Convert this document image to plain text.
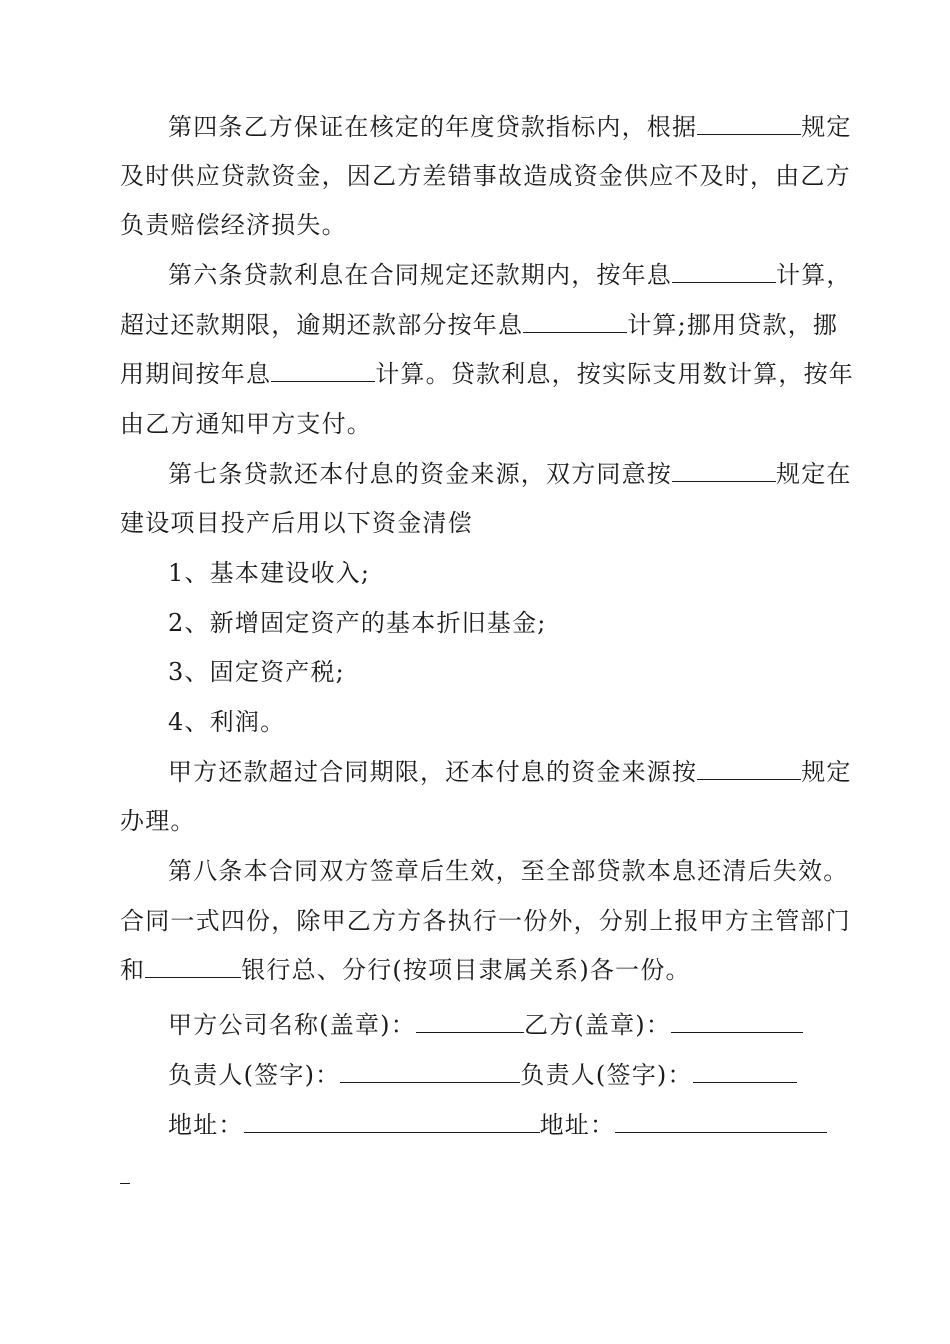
第四条乙方保证在核定的年度贷款指标内，根据	规定
及时供应贷款资金，因乙方差错事故造成资金供应不及时，由乙方
负责赔偿经济损失。
第六条贷款利息在合同规定还款期内，按年息	计算，
超过还款期限，逾期还款部分按年息	计算;挪用贷款，挪
用期间按年息	计算。贷款利息，按实际支用数计算，按年
由乙方通知甲方支付。
第七条贷款还本付息的资金来源，双方同意按	规定在
建设项目投产后用以下资金清偿
1、基本建设收入;
2、新增固定资产的基本折旧基金;
3、固定资产税;
4、利润。
甲方还款超过合同期限，还本付息的资金来源按	规定
办理。
第八条本合同双方签章后生效，至全部贷款本息还清后失效。
合同一式四份，除甲乙方方各执行一份外，分别上报甲方主管部门
和	银行总、分行(按项目隶属关系)各一份。
甲方公司名称(盖章)：	乙方(盖章)：
负责人(签字)：	负责人(签字)：
地址：	地址：
